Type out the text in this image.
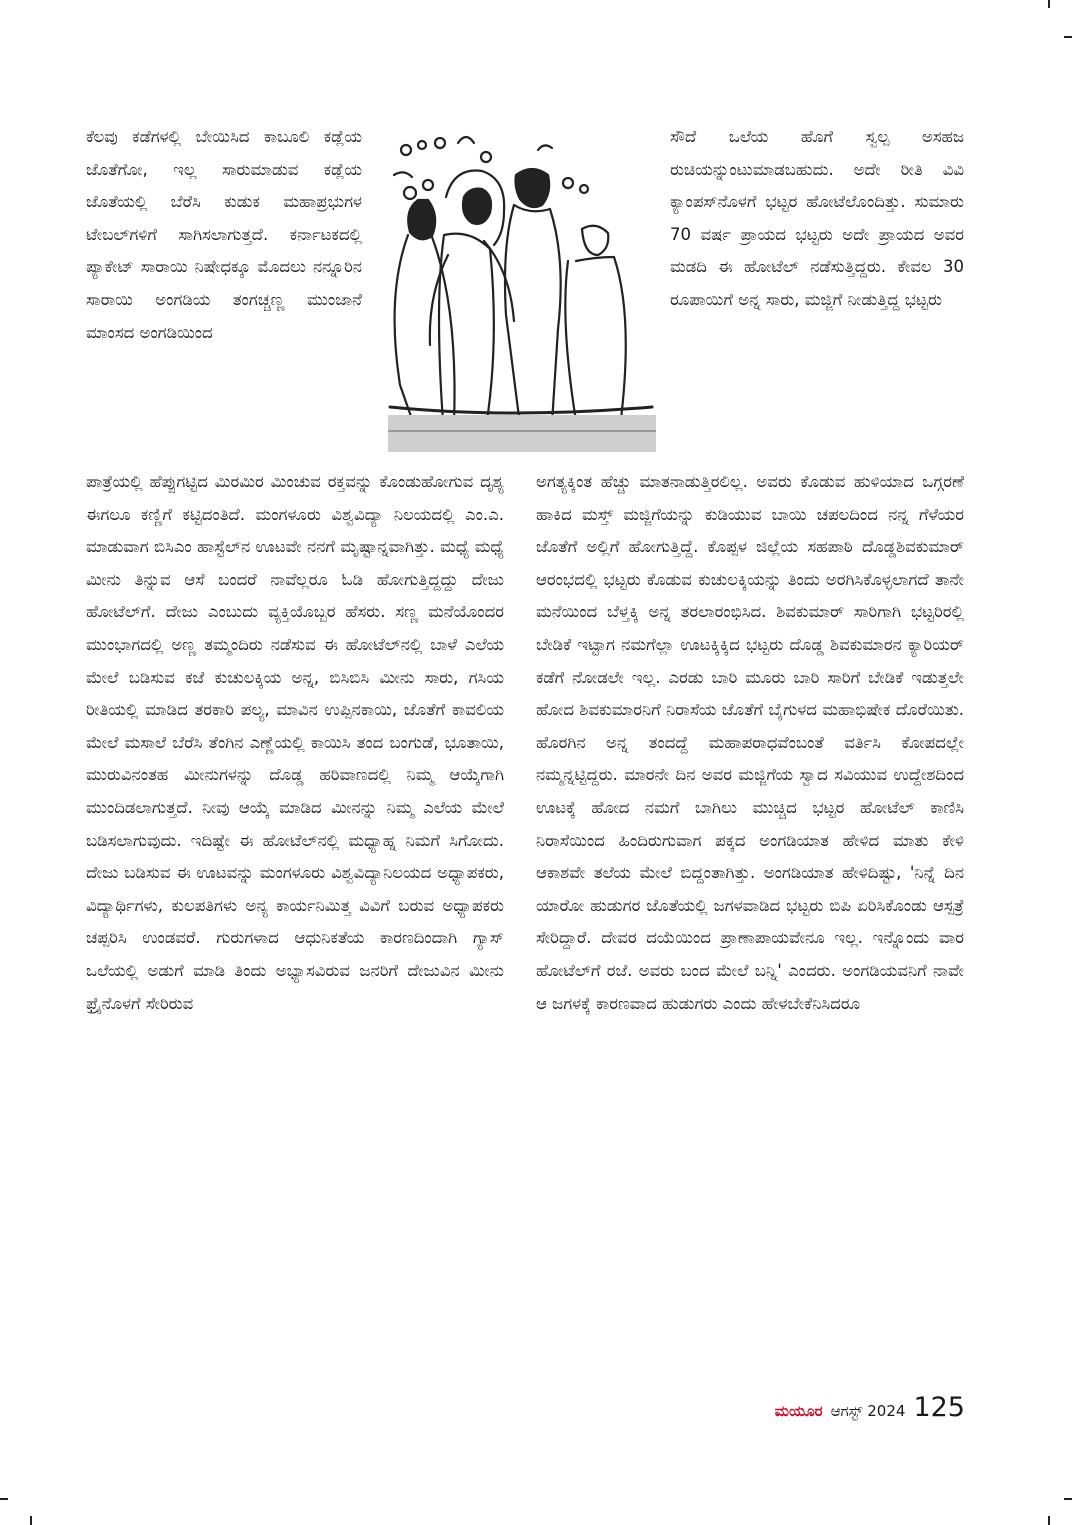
ಕೆಲವು ಕಡೆಗಳಲ್ಲಿ ಬೇಯಿಸಿದ ಕಾಬೂಲಿ ಕಡ್ಲೆಯ ಜೊತೆಗೋ, ಇಲ್ಲ ಸಾರುಮಾಡುವ ಕಡ್ಲೆಯ ಜೊತೆಯಲ್ಲಿ ಬೆರೆಸಿ ಕುಡುಕ ಮಹಾಪ್ರಭುಗಳ ಟೇಬಲ್‌ಗಳಿಗೆ ಸಾಗಿಸಲಾಗುತ್ತದೆ. ಕರ್ನಾಟಕದಲ್ಲಿ ಪ್ಯಾಕೇಟ್ ಸಾರಾಯಿ ನಿಷೇಧಕ್ಕೂ ಮೊದಲು ನನ್ನೂರಿನ ಸಾರಾಯಿ ಅಂಗಡಿಯ ತಂಗಚ್ಚಣ್ಣ ಮುಂಜಾನೆ ಮಾಂಸದ ಅಂಗಡಿಯಿಂದ

ಸೌದೆ ಒಲೆಯ ಹೊಗೆ ಸ್ವಲ್ಪ ಅಸಹಜ ರುಚಿಯನ್ನುಂಟುಮಾಡಬಹುದು. ಅದೇ ರೀತಿ ವಿವಿ ಕ್ಯಾಂಪಸ್‌ನೊಳಗೆ ಭಟ್ಟರ ಹೋಟೆಲೊಂದಿತ್ತು. ಸುಮಾರು 70 ವರ್ಷ ಪ್ರಾಯದ ಭಟ್ಟರು ಅದೇ ಪ್ರಾಯದ ಅವರ ಮಡದಿ ಈ ಹೋಟೆಲ್ ನಡೆಸುತ್ತಿದ್ದರು. ಕೇವಲ 30 ರೂಪಾಯಿಗೆ ಅನ್ನ ಸಾರು, ಮಜ್ಜಿಗೆ ನೀಡುತ್ತಿದ್ದ ಭಟ್ಟರು

ಪಾತ್ರೆಯಲ್ಲಿ ಹೆಪ್ಪುಗಟ್ಟಿದ ಮಿರಮಿರ ಮಿಂಚುವ ರಕ್ತವನ್ನು ಕೊಂಡುಹೋಗುವ ದೃಶ್ಯ ಈಗಲೂ ಕಣ್ಣಿಗೆ ಕಟ್ಟಿದಂತಿದೆ. ಮಂಗಳೂರು ವಿಶ್ವವಿದ್ಯಾ ನಿಲಯದಲ್ಲಿ ಎಂ.ಎ. ಮಾಡುವಾಗ ಬಿಸಿಎಂ ಹಾಸ್ಟೆಲ್‌ನ ಊಟವೇ ನನಗೆ ಮೃಷ್ಟಾನ್ನವಾಗಿತ್ತು. ಮಧ್ಯೆ ಮಧ್ಯೆ ಮೀನು ತಿನ್ನುವ ಆಸೆ ಬಂದರೆ ನಾವೆಲ್ಲರೂ ಓಡಿ ಹೋಗುತ್ತಿದ್ದದ್ದು ದೇಜು ಹೋಟೆಲ್‌ಗೆ. ದೇಜು ಎಂಬುದು ವ್ಯಕ್ತಿಯೊಬ್ಬರ ಹೆಸರು. ಸಣ್ಣ ಮನೆಯೊಂದರ ಮುಂಭಾಗದಲ್ಲಿ ಅಣ್ಣ ತಮ್ಮಂದಿರು ನಡೆಸುವ ಈ ಹೋಟೆಲ್‌ನಲ್ಲಿ ಬಾಳೆ ಎಲೆಯ ಮೇಲೆ ಬಡಿಸುವ ಕಜೆ ಕುಚುಲಕ್ಕಿಯ ಅನ್ನ, ಬಿಸಿಬಿಸಿ ಮೀನು ಸಾರು, ಗಸಿಯ ರೀತಿಯಲ್ಲಿ ಮಾಡಿದ ತರಕಾರಿ ಪಲ್ಯ, ಮಾವಿನ ಉಪ್ಪಿನಕಾಯಿ, ಜೊತೆಗೆ ಕಾವಲಿಯ ಮೇಲೆ ಮಸಾಲೆ ಬೆರೆಸಿ ತೆಂಗಿನ ಎಣ್ಣೆಯಲ್ಲಿ ಕಾಯಿಸಿ ತಂದ ಬಂಗುಡೆ, ಭೂತಾಯಿ, ಮುರುವಿನಂತಹ ಮೀನುಗಳನ್ನು ದೊಡ್ಡ ಹರಿವಾಣದಲ್ಲಿ ನಿಮ್ಮ ಆಯ್ಕೆಗಾಗಿ ಮುಂದಿಡಲಾಗುತ್ತದೆ. ನೀವು ಆಯ್ಕೆ ಮಾಡಿದ ಮೀನನ್ನು ನಿಮ್ಮ ಎಲೆಯ ಮೇಲೆ ಬಡಿಸಲಾಗುವುದು. ಇದಿಷ್ಟೇ ಈ ಹೋಟೆಲ್‌ನಲ್ಲಿ ಮಧ್ಯಾಹ್ನ ನಿಮಗೆ ಸಿಗೋದು. ದೇಜು ಬಡಿಸುವ ಈ ಊಟವನ್ನು ಮಂಗಳೂರು ವಿಶ್ವವಿದ್ಯಾನಿಲಯದ ಅಧ್ಯಾಪಕರು, ವಿದ್ಯಾರ್ಥಿಗಳು, ಕುಲಪತಿಗಳು ಅನ್ಯ ಕಾರ್ಯನಿಮಿತ್ತ ವಿವಿಗೆ ಬರುವ ಅಧ್ಯಾಪಕರು ಚಪ್ಪರಿಸಿ ಉಂಡವರೆ. ಗುರುಗಳಾದ ಆಧುನಿಕತೆಯ ಕಾರಣದಿಂದಾಗಿ ಗ್ಯಾಸ್ ಒಲೆಯಲ್ಲಿ ಅಡುಗೆ ಮಾಡಿ ತಿಂದು ಅಭ್ಯಾಸವಿರುವ ಜನರಿಗೆ ದೇಜುವಿನ ಮೀನು ಫ್ರೈನೊಳಗೆ ಸೇರಿರುವ

ಅಗತ್ಯಕ್ಕಿಂತ ಹೆಚ್ಚು ಮಾತನಾಡುತ್ತಿರಲಿಲ್ಲ. ಅವರು ಕೊಡುವ ಹುಳಿಯಾದ ಒಗ್ಗರಣೆ ಹಾಕಿದ ಮಸ್ತ್ ಮಜ್ಜಿಗೆಯನ್ನು ಕುಡಿಯುವ ಬಾಯಿ ಚಪಲದಿಂದ ನನ್ನ ಗೆಳೆಯರ ಜೊತೆಗೆ ಅಲ್ಲಿಗೆ ಹೋಗುತ್ತಿದ್ದೆ. ಕೊಪ್ಪಳ ಜಿಲ್ಲೆಯ ಸಹಪಾಠಿ ದೊಡ್ಡಶಿವಕುಮಾರ್ ಆರಂಭದಲ್ಲಿ ಭಟ್ಟರು ಕೊಡುವ ಕುಚುಲಕ್ಕಿಯನ್ನು ತಿಂದು ಅರಗಿಸಿಕೊಳ್ಳಲಾಗದೆ ತಾನೇ ಮನೆಯಿಂದ ಬೆಳ್ತಕ್ಕಿ ಅನ್ನ ತರಲಾರಂಭಿಸಿದ. ಶಿವಕುಮಾರ್ ಸಾರಿಗಾಗಿ ಭಟ್ಟರಿರಲ್ಲಿ ಬೇಡಿಕೆ ಇಟ್ಟಾಗ ನಮಗೆಲ್ಲಾ ಊಟಕ್ಕಿಕ್ಕಿದ ಭಟ್ಟರು ದೊಡ್ಡ ಶಿವಕುಮಾರನ ಕ್ಯಾರಿಯರ್ ಕಡೆಗೆ ನೋಡಲೇ ಇಲ್ಲ. ಎರಡು ಬಾರಿ ಮೂರು ಬಾರಿ ಸಾರಿಗೆ ಬೇಡಿಕೆ ಇಡುತ್ತಲೇ ಹೋದ ಶಿವಕುಮಾರನಿಗೆ ನಿರಾಸೆಯ ಜೊತೆಗೆ ಬೈಗುಳದ ಮಹಾಭಿಷೇಕ ದೊರೆಯಿತು. ಹೊರಗಿನ ಅನ್ನ ತಂದದ್ದೆ ಮಹಾಪರಾಧವೆಂಬಂತೆ ವರ್ತಿಸಿ ಕೋಪದಲ್ಲೇ ನಮ್ಮನ್ನಟ್ಟಿದ್ದರು. ಮಾರನೇ ದಿನ ಅವರ ಮಜ್ಜಿಗೆಯ ಸ್ವಾದ ಸವಿಯುವ ಉದ್ದೇಶದಿಂದ ಊಟಕ್ಕೆ ಹೋದ ನಮಗೆ ಬಾಗಿಲು ಮುಚ್ಚಿದ ಭಟ್ಟರ ಹೋಟೆಲ್ ಕಾಣಿಸಿ ನಿರಾಸೆಯಿಂದ ಹಿಂದಿರುಗುವಾಗ ಪಕ್ಕದ ಅಂಗಡಿಯಾತ ಹೇಳಿದ ಮಾತು ಕೇಳಿ ಆಕಾಶವೇ ತಲೆಯ ಮೇಲೆ ಬಿದ್ದಂತಾಗಿತ್ತು. ಅಂಗಡಿಯಾತ ಹೇಳಿದಿಷ್ಟು, 'ನಿನ್ನೆ ದಿನ ಯಾರೋ ಹುಡುಗರ ಜೊತೆಯಲ್ಲಿ ಜಗಳವಾಡಿದ ಭಟ್ಟರು ಬಿಪಿ ಏರಿಸಿಕೊಂಡು ಆಸ್ಪತ್ರೆ ಸೇರಿದ್ದಾರೆ. ದೇವರ ದಯೆಯಿಂದ ಪ್ರಾಣಾಪಾಯವೇನೂ ಇಲ್ಲ. ಇನ್ನೊಂದು ವಾರ ಹೋಟೆಲ್‌ಗೆ ರಜೆ. ಅವರು ಬಂದ ಮೇಲೆ ಬನ್ನಿ' ಎಂದರು. ಅಂಗಡಿಯವನಿಗೆ ನಾವೇ ಆ ಜಗಳಕ್ಕೆ ಕಾರಣವಾದ ಹುಡುಗರು ಎಂದು ಹೇಳಬೇಕೆನಿಸಿದರೂ

ಮಯೂರ ಆಗಸ್ಟ್ 2024 125
